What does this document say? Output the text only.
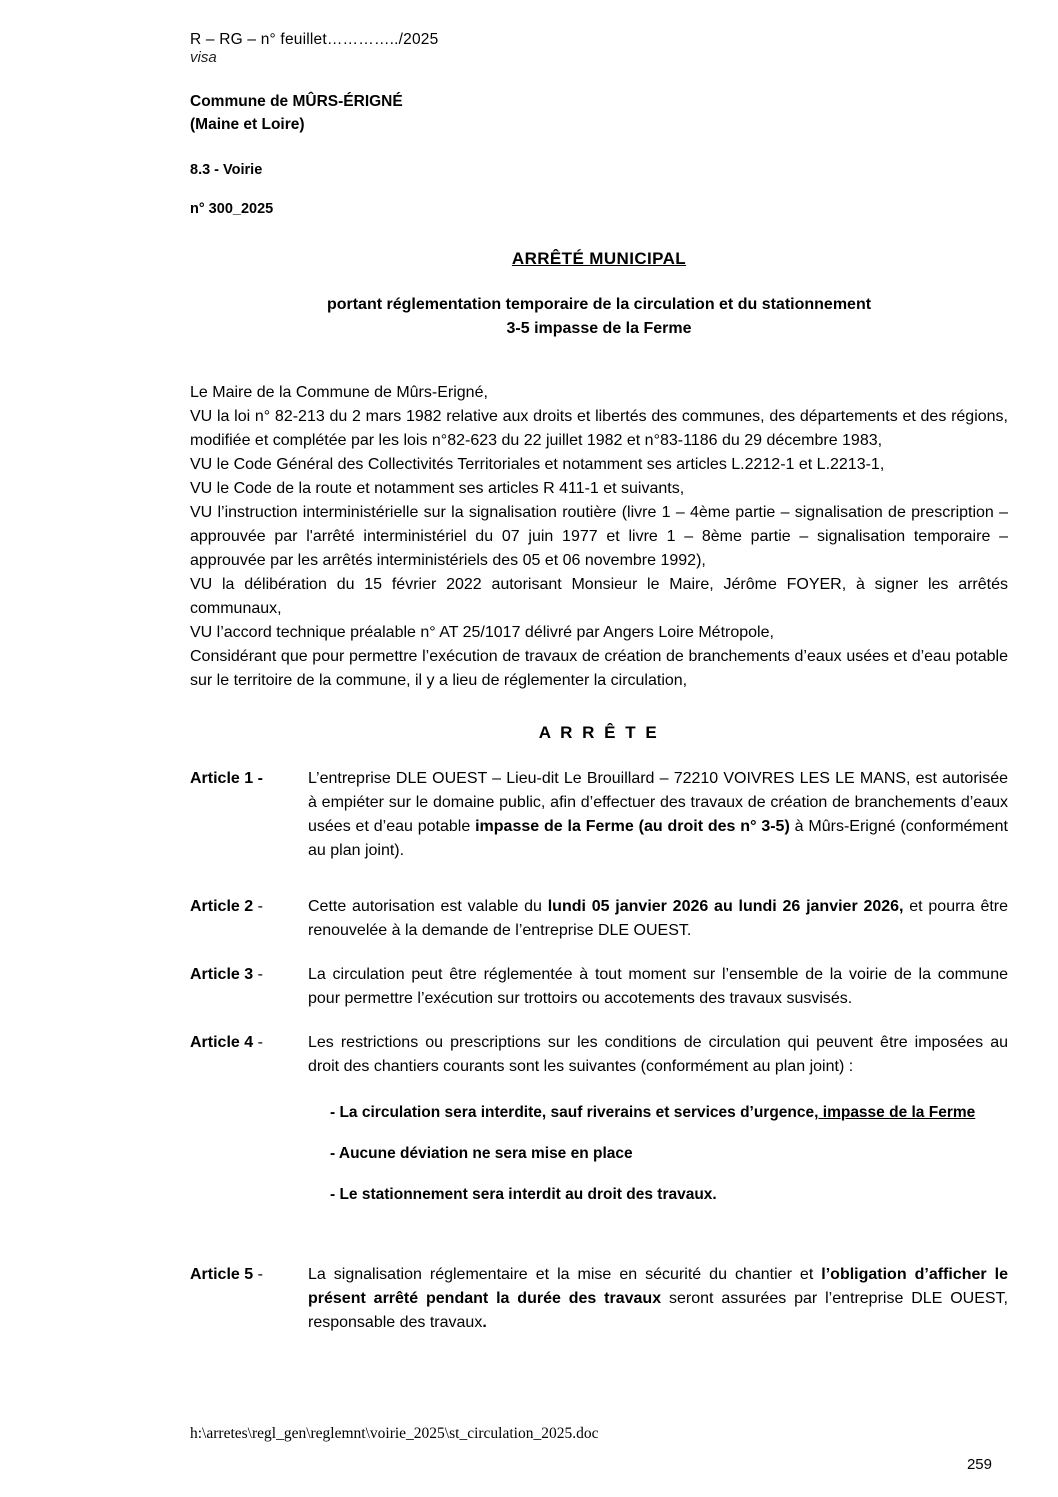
R – RG – n° feuillet…………../2025
visa
Commune de MÛRS-ÉRIGNÉ
(Maine et Loire)
8.3 - Voirie
n° 300_2025
ARRÊTÉ MUNICIPAL
portant réglementation temporaire de la circulation et du stationnement
3-5 impasse de la Ferme

Le Maire de la Commune de Mûrs-Erigné,

VU la loi n° 82-213 du 2 mars 1982 relative aux droits et libertés des communes, des départements et des régions, modifiée et complétée par les lois n°82-623 du 22 juillet 1982 et n°83-1186 du 29 décembre 1983,

VU le Code Général des Collectivités Territoriales et notamment ses articles L.2212-1 et L.2213-1,

VU le Code de la route et notamment ses articles R 411-1 et suivants,

VU l’instruction interministérielle sur la signalisation routière (livre 1 – 4ème partie – signalisation de prescription – approuvée par l'arrêté interministériel du 07 juin 1977 et livre 1 – 8ème partie – signalisation temporaire – approuvée par les arrêtés interministériels des 05 et 06 novembre 1992),

VU la délibération du 15 février 2022 autorisant Monsieur le Maire, Jérôme FOYER, à signer les arrêtés communaux,

VU l’accord technique préalable n° AT 25/1017 délivré par Angers Loire Métropole,

Considérant que pour permettre l’exécution de travaux de création de branchements d’eaux usées et d’eau potable sur le territoire de la commune, il y a lieu de réglementer la circulation,

A R R Ê T E
Article 1 -	L’entreprise DLE OUEST – Lieu-dit Le Brouillard – 72210 VOIVRES LES LE MANS, est autorisée à empiéter sur le domaine public, afin d’effectuer des travaux de création de branchements d’eaux usées et d’eau potable impasse de la Ferme (au droit des n° 3-5) à Mûrs-Erigné (conformément au plan joint).
Article 2 -	Cette autorisation est valable du lundi 05 janvier 2026 au lundi 26 janvier 2026, et pourra être renouvelée à la demande de l’entreprise DLE OUEST.
Article 3 -	La circulation peut être réglementée à tout moment sur l’ensemble de la voirie de la commune pour permettre l’exécution sur trottoirs ou accotements des travaux susvisés.
Article 4 -	Les restrictions ou prescriptions sur les conditions de circulation qui peuvent être imposées au droit des chantiers courants sont les suivantes (conformément au plan joint) :
- La circulation sera interdite, sauf riverains et services d’urgence, impasse de la Ferme
- Aucune déviation ne sera mise en place
- Le stationnement sera interdit au droit des travaux.
Article 5 -	La signalisation réglementaire et la mise en sécurité du chantier et l’obligation d’afficher le présent arrêté pendant la durée des travaux seront assurées par l’entreprise DLE OUEST, responsable des travaux.
h:\arretes\regl_gen\reglemnt\voirie_2025\st_circulation_2025.doc
259
